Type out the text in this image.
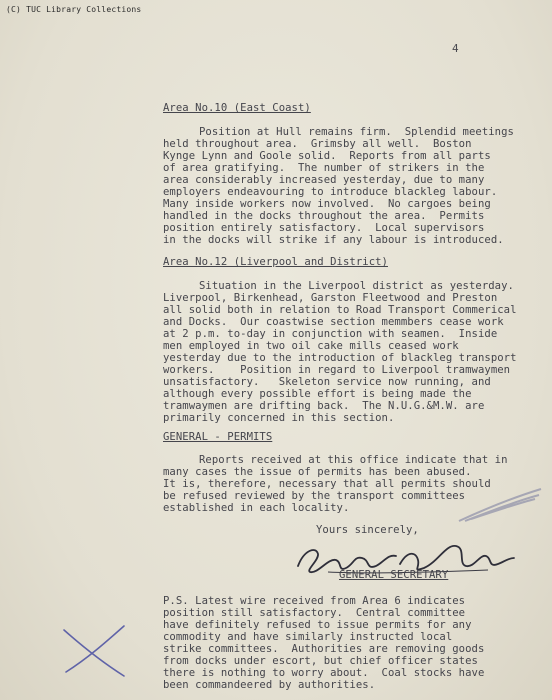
(C) TUC Library Collections
4
Area No.10 (East Coast)
Position at Hull remains firm.  Splendid meetings
held throughout area.  Grimsby all well.  Boston
Kynge Lynn and Goole solid.  Reports from all parts
of area gratifying.  The number of strikers in the
area considerably increased yesterday, due to many
employers endeavouring to introduce blackleg labour.
Many inside workers now involved.  No cargoes being
handled in the docks throughout the area.  Permits
position entirely satisfactory.  Local supervisors
in the docks will strike if any labour is introduced.
Area No.12 (Liverpool and District)
Situation in the Liverpool district as yesterday.
Liverpool, Birkenhead, Garston Fleetwood and Preston
all solid both in relation to Road Transport Commerical
and Docks.  Our coastwise section memmbers cease work
at 2 p.m. to-day in conjunction with seamen.  Inside
men employed in two oil cake mills ceased work
yesterday due to the introduction of blackleg transport
workers.    Position in regard to Liverpool tramwaymen
unsatisfactory.   Skeleton service now running, and
although every possible effort is being made the
tramwaymen are drifting back.  The N.U.G.&M.W. are
primarily concerned in this section.
GENERAL - PERMITS
Reports received at this office indicate that in
many cases the issue of permits has been abused.
It is, therefore, necessary that all permits should
be refused reviewed by the transport committees
established in each locality.
Yours sincerely,
GENERAL SECRETARY
P.S. Latest wire received from Area 6 indicates
position still satisfactory.  Central committee
have definitely refused to issue permits for any
commodity and have similarly instructed local
strike committees.  Authorities are removing goods
from docks under escort, but chief officer states
there is nothing to worry about.  Coal stocks have
been commandeered by authorities.
